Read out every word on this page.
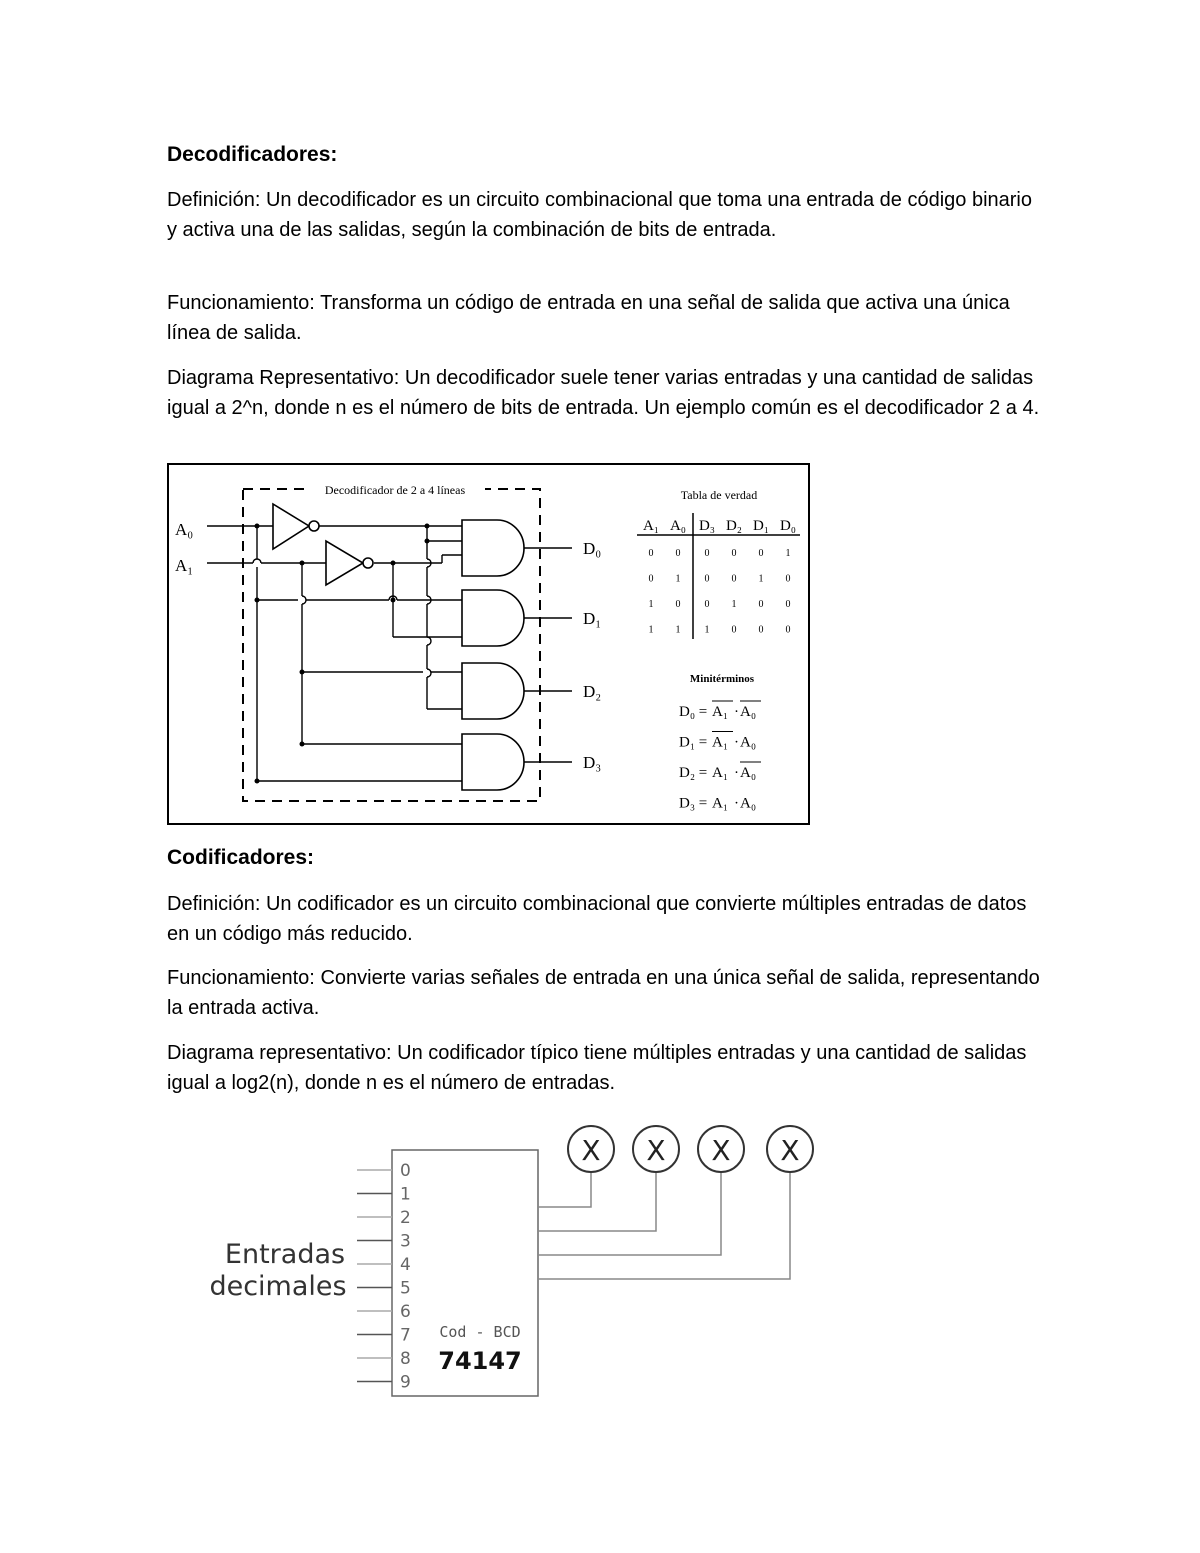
Decodificadores:

Definición: Un decodificador es un circuito combinacional que toma una entrada de código binario y activa una de las salidas, según la combinación de bits de entrada.

Funcionamiento: Transforma un código de entrada en una señal de salida que activa una única línea de salida.

Diagrama Representativo: Un decodificador suele tener varias entradas y una cantidad de salidas igual a 2^n, donde n es el número de bits de entrada. Un ejemplo común es el decodificador 2 a 4.

Decodificador de 2 a 4 líneas
A₀
A₁
D₀
D₁
D₂
D₃
Tabla de verdad
A₁ A₀ D₃ D₂ D₁ D₀
0 0 0 0 0 1
0 1 0 0 1 0
1 0 0 1 0 0
1 1 1 0 0 0
Minitérminos
D₀ = A₁ · A₀
D₁ = A₁ · A₀
D₂ = A₁ · A₀
D₃ = A₁ · A₀
Codificadores:

Definición: Un codificador es un circuito combinacional que convierte múltiples entradas de datos en un código más reducido.

Funcionamiento: Convierte varias señales de entrada en una única señal de salida, representando la entrada activa.

Diagrama representativo: Un codificador típico tiene múltiples entradas y una cantidad de salidas igual a log2(n), donde n es el número de entradas.

Entradas
decimales
Cod - BCD
74147
0
1
2
3
4
5
6
7
8
9
X X X X
